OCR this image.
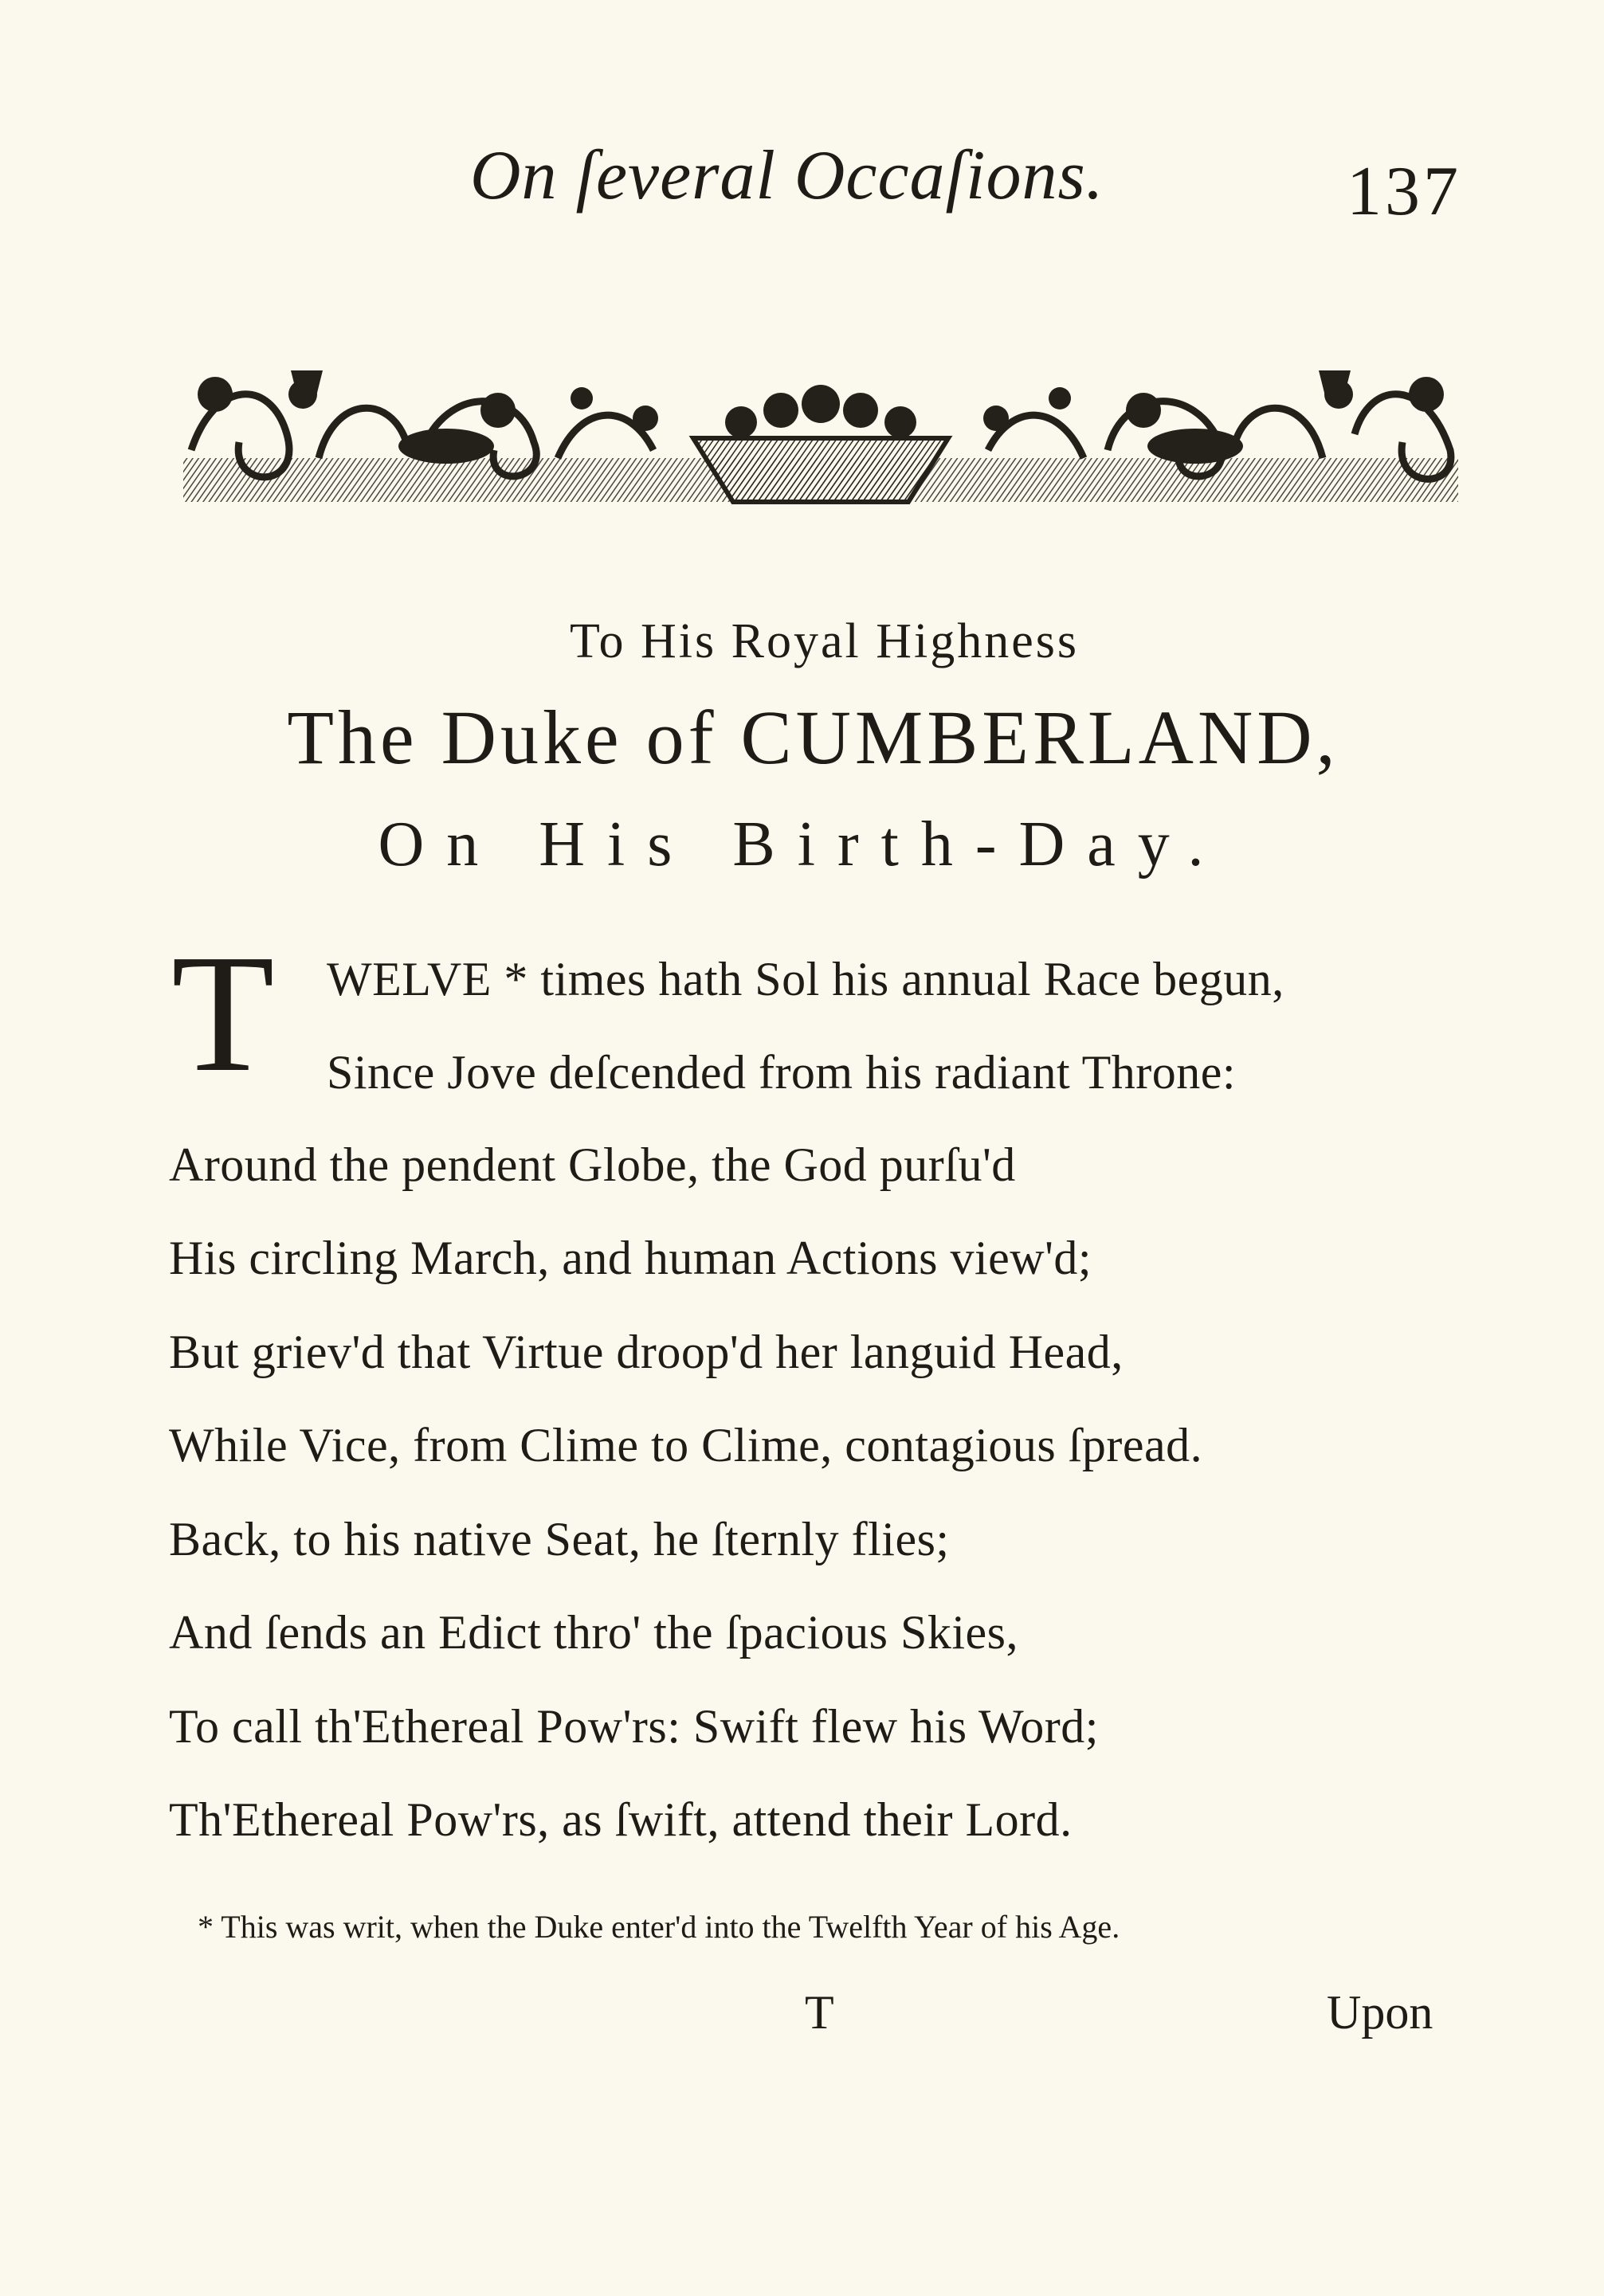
On ſeveral Occaſions.	137
To His Royal Highness
The Duke of CUMBERLAND,
On His Birth-Day.
T WELVE * times hath Sol his annual Race begun,
Since Jove deſcended from his radiant Throne:
Around the pendent Globe, the God purſu'd
His circling March, and human Actions view'd;
But griev'd that Virtue droop'd her languid Head,
While Vice, from Clime to Clime, contagious ſpread.
Back, to his native Seat, he ſternly flies;
And ſends an Edict thro' the ſpacious Skies,
To call th'Ethereal Pow'rs: Swift flew his Word;
Th'Ethereal Pow'rs, as ſwift, attend their Lord.
* This was writ, when the Duke enter'd into the Twelfth Year of his Age.
T	Upon
